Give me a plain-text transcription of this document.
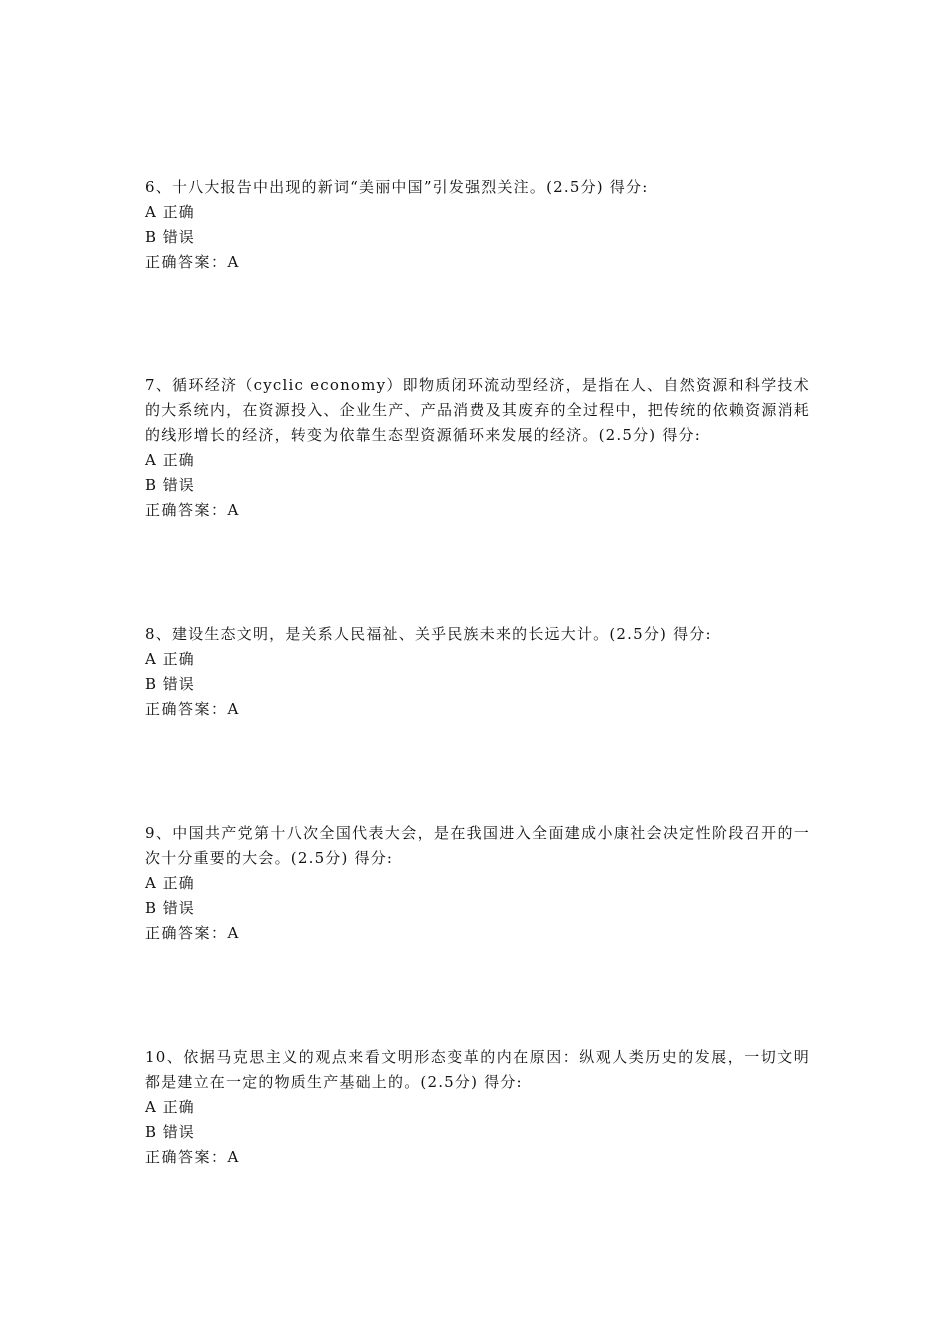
6、十八大报告中出现的新词“美丽中国”引发强烈关注。(2.5分) 得分:

A 正确

B 错误

正确答案：A

7、循环经济（cyclic economy）即物质闭环流动型经济，是指在人、自然资源和科学技术的大系统内，在资源投入、企业生产、产品消费及其废弃的全过程中，把传统的依赖资源消耗的线形增长的经济，转变为依靠生态型资源循环来发展的经济。(2.5分) 得分:

A 正确

B 错误

正确答案：A

8、建设生态文明，是关系人民福祉、关乎民族未来的长远大计。(2.5分) 得分:

A 正确

B 错误

正确答案：A

9、中国共产党第十八次全国代表大会，是在我国进入全面建成小康社会决定性阶段召开的一次十分重要的大会。(2.5分) 得分:

A 正确

B 错误

正确答案：A

10、依据马克思主义的观点来看文明形态变革的内在原因：纵观人类历史的发展，一切文明都是建立在一定的物质生产基础上的。(2.5分) 得分:

A 正确

B 错误

正确答案：A
